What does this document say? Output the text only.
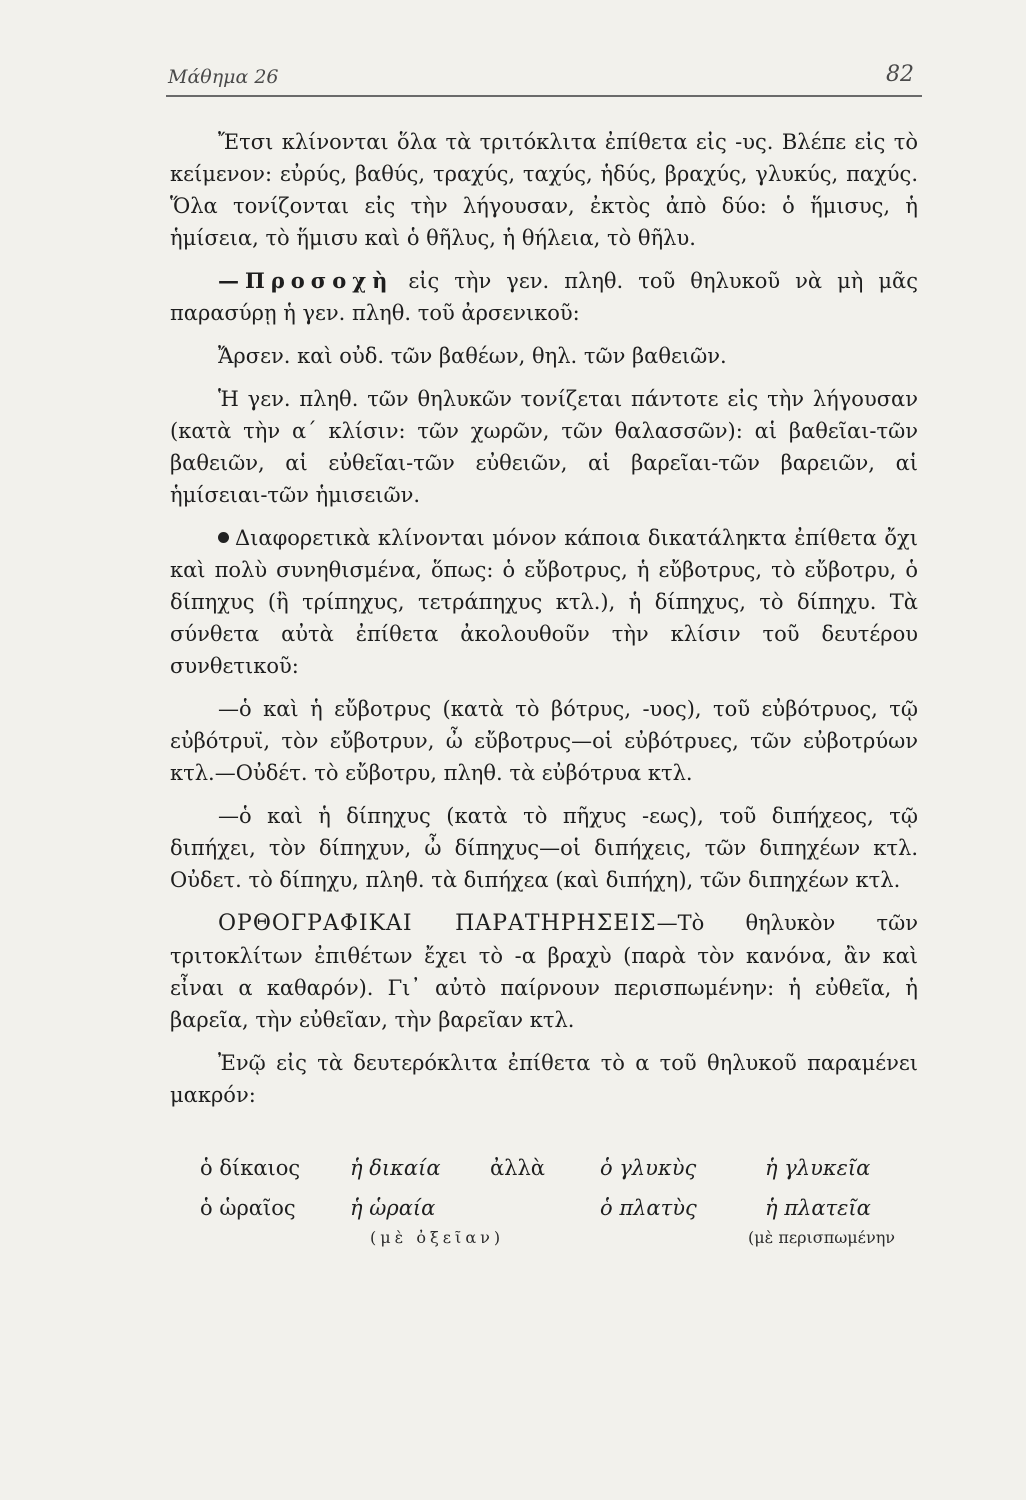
Μάθημα 26	82

Ἔτσι κλίνονται ὅλα τὰ τριτόκλιτα ἐπίθετα εἰς -υς. Βλέπε εἰς τὸ κείμενον: εὐρύς, βαθύς, τραχύς, ταχύς, ἡδύς, βραχύς, γλυκύς, παχύς. Ὅλα τονίζονται εἰς τὴν λήγουσαν, ἐκτὸς ἀπὸ δύο: ὁ ἥμισυς, ἡ ἡμίσεια, τὸ ἥμισυ καὶ ὁ θῆλυς, ἡ θήλεια, τὸ θῆλυ.

—Προσοχὴ εἰς τὴν γεν. πληθ. τοῦ θηλυκοῦ νὰ μὴ μᾶς παρασύρῃ ἡ γεν. πληθ. τοῦ ἀρσενικοῦ:

Ἄρσεν. καὶ οὐδ. τῶν βαθέων, θηλ. τῶν βαθειῶν.

Ἡ γεν. πληθ. τῶν θηλυκῶν τονίζεται πάντοτε εἰς τὴν λήγουσαν (κατὰ τὴν α΄ κλίσιν: τῶν χωρῶν, τῶν θαλασσῶν): αἱ βαθεῖαι-τῶν βαθειῶν, αἱ εὐθεῖαι-τῶν εὐθειῶν, αἱ βαρεῖαι-τῶν βαρειῶν, αἱ ἡμίσειαι-τῶν ἡμισειῶν.

Διαφορετικὰ κλίνονται μόνον κάποια δικατάληκτα ἐπίθετα ὄχι καὶ πολὺ συνηθισμένα, ὅπως: ὁ εὔβοτρυς, ἡ εὔβοτρυς, τὸ εὔβοτρυ, ὁ δίπηχυς (ἢ τρίπηχυς, τετράπηχυς κτλ.), ἡ δίπηχυς, τὸ δίπηχυ. Τὰ σύνθετα αὐτὰ ἐπίθετα ἀκολουθοῦν τὴν κλίσιν τοῦ δευτέρου συνθετικοῦ:

—ὁ καὶ ἡ εὔβοτρυς (κατὰ τὸ βότρυς, -υος), τοῦ εὐβότρυος, τῷ εὐβότρυϊ, τὸν εὔβοτρυν, ὦ εὔβοτρυς—οἱ εὐβότρυες, τῶν εὐβοτρύων κτλ.—Οὐδέτ. τὸ εὔβοτρυ, πληθ. τὰ εὐβότρυα κτλ.

—ὁ καὶ ἡ δίπηχυς (κατὰ τὸ πῆχυς -εως), τοῦ διπήχεος, τῷ διπήχει, τὸν δίπηχυν, ὦ δίπηχυς—οἱ διπήχεις, τῶν διπηχέων κτλ. Οὐδετ. τὸ δίπηχυ, πληθ. τὰ διπήχεα (καὶ διπήχη), τῶν διπηχέων κτλ.

ΟΡΘΟΓΡΑΦΙΚΑΙ ΠΑΡΑΤΗΡΗΣΕΙΣ—Τὸ θηλυκὸν τῶν τριτοκλίτων ἐπιθέτων ἔχει τὸ -α βραχὺ (παρὰ τὸν κανόνα, ἂν καὶ εἶναι α καθαρόν). Γι᾿ αὐτὸ παίρνουν περισπωμένην: ἡ εὐθεῖα, ἡ βαρεῖα, τὴν εὐθεῖαν, τὴν βαρεῖαν κτλ.

Ἐνῷ εἰς τὰ δευτερόκλιτα ἐπίθετα τὸ α τοῦ θηλυκοῦ παραμένει μακρόν:

ὁ δίκαιος	ἡ δικαία	ἀλλὰ	ὁ γλυκὺς	ἡ γλυκεῖα
ὁ ὡραῖος	ἡ ὡραία		ὁ πλατὺς	ἡ πλατεῖα
(μὲ ὀξεῖαν)	(μὲ περισπωμένην
